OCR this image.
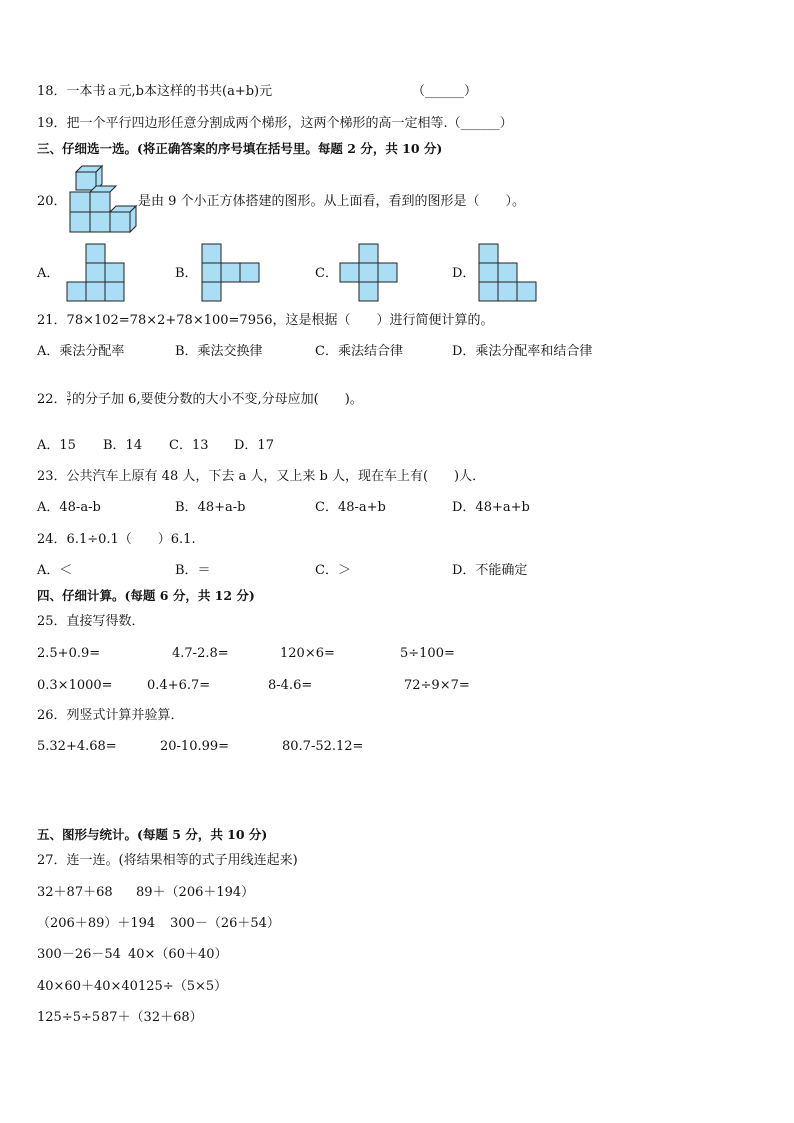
18．一本书ａ元,b本这样的书共(a+b)元	（______）
19．把一个平行四边形任意分割成两个梯形，这两个梯形的高一定相等.（______）
三、仔细选一选。(将正确答案的序号填在括号里。每题 2 分，共 10 分)
20．	是由 9 个小正方体搭建的图形。从上面看，看到的图形是（　　）。
A．	B．	C．	D．
21．78×102=78×2+78×100=7956，这是根据（　　）进行简便计算的。
A．乘法分配率	B．乘法交换律	C．乘法结合律	D．乘法分配率和结合律
22． $\frac{3}{7}$ 的分子加 6,要使分数的大小不变,分母应加(　　)。
A．15 B．14 C．13 D．17
23．公共汽车上原有 48 人，下去 a 人，又上来 b 人，现在车上有(　　)人．
A．48-a-b	B．48+a-b	C．48-a+b	D．48+a+b
24．6.1÷0.1（　　）6.1.
A．＜	B．＝	C．＞	D．不能确定
四、仔细计算。(每题 6 分，共 12 分)
25．直接写得数．
2.5+0.9=	4.7-2.8=	120×6=	5÷100=
0.3×1000=	0.4+6.7=	8-4.6=	72÷9×7=
26．列竖式计算并验算．
5.32+4.68=	20-10.99=	80.7-52.12=
五、图形与统计。(每题 5 分，共 10 分)
27．连一连。(将结果相等的式子用线连起来)
32＋87＋68 89＋（206＋194）
（206＋89）＋194 300－（26＋54）
300－26－54 40×（60＋40）
40×60＋40×40 125÷（5×5）
125÷5÷5 87＋（32＋68）
